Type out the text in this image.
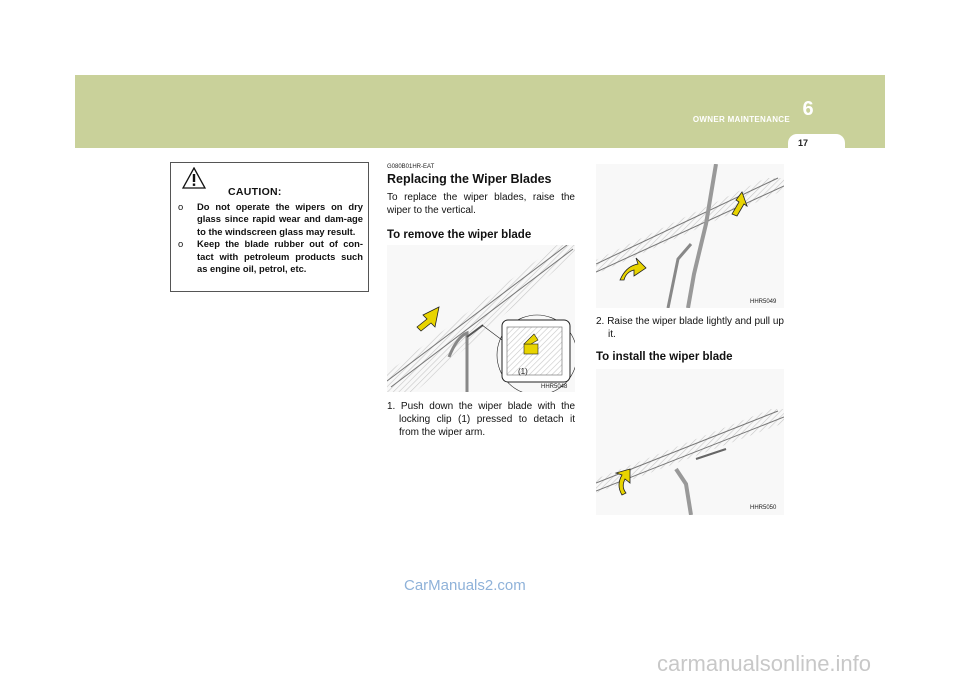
OWNER MAINTENANCE 6
17
CAUTION:
o Do not operate the wipers on dry glass since rapid wear and dam-age to the windscreen glass may result.
o Keep the blade rubber out of con-tact with petroleum products such as engine oil, petrol, etc.
G080B01HR-EAT
Replacing the Wiper Blades
To replace the wiper blades, raise the wiper to the vertical.
To remove the wiper blade
(1)
HHR5048
1. Push down the wiper blade with the locking clip (1) pressed to detach it from the wiper arm.
HHR5049
2. Raise the wiper blade lightly and pull up it.
To install the wiper blade
HHR5050
CarManuals2.com
carmanualsonline.info
